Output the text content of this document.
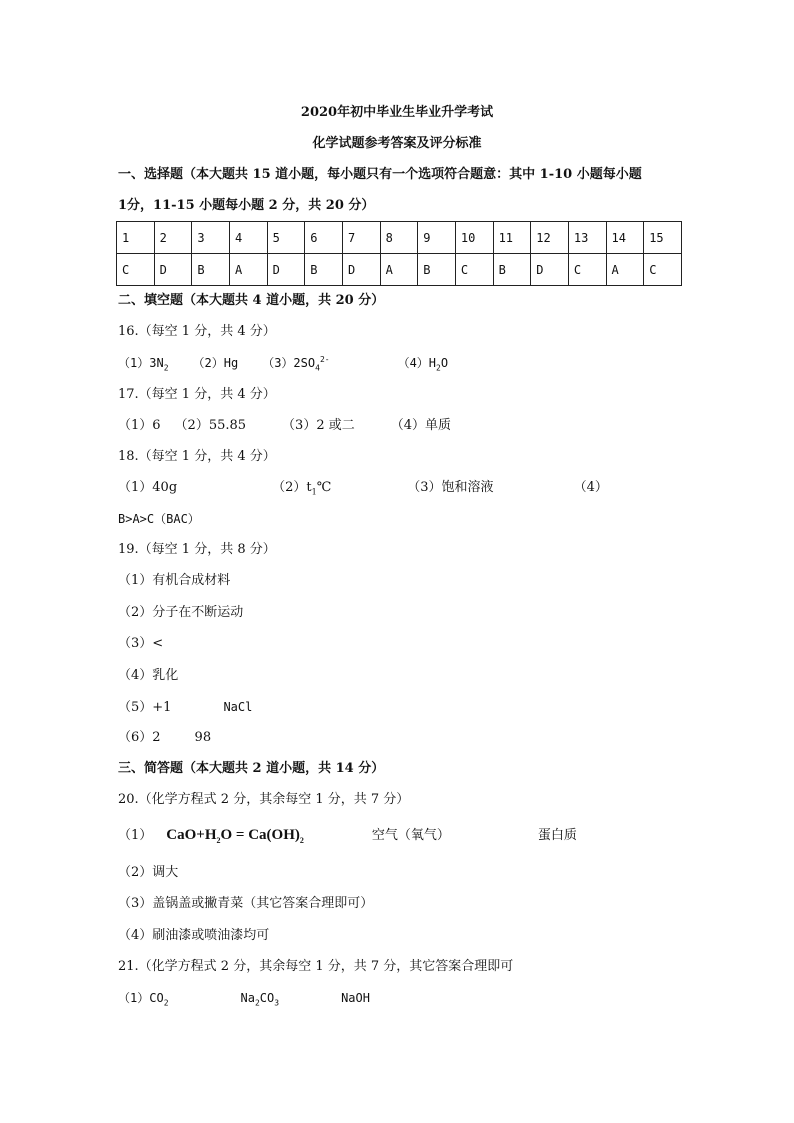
2020年初中毕业生毕业升学考试
化学试题参考答案及评分标准
一、选择题（本大题共 15 道小题，每小题只有一个选项符合题意：其中 1-10 小题每小题
1分，11-15 小题每小题 2 分，共 20 分）
1	2	3	4	5	6	7	8	9	10	11	12	13	14	15
C	D	B	A	D	B	D	A	B	C	B	D	C	A	C
二、填空题（本大题共 4 道小题，共 20 分）
16.（每空 1 分，共 4 分）
$(1)3N_2$ （2）Hg $(3)2SO_4^{2-}$	$(4)H_2O$
17.（每空 1 分，共 4 分）
（1）6 （2）55.85	（3）2 或二	（4）单质
18.（每空 1 分，共 4 分）
（1）40g	$(2)t_1℃$	（3）饱和溶液	（4）
B>A>C（BAC）
19.（每空 1 分，共 8 分）
（1）有机合成材料
（2）分子在不断运动
（3）<
（4）乳化
（5）+1	NaCl
（6）2	98
三、简答题（本大题共 2 道小题，共 14 分）
20.（化学方程式 2 分，其余每空 1 分，共 7 分）
（1） $CaO+H_2O = Ca(OH)_2$	空气（氧气）	蛋白质
（2）调大
（3）盖锅盖或撇青菜（其它答案合理即可）
（4）刷油漆或喷油漆均可
21.（化学方程式 2 分，其余每空 1 分，共 7 分，其它答案合理即可
$(1)CO_2$	$Na_2CO_3$	NaOH
